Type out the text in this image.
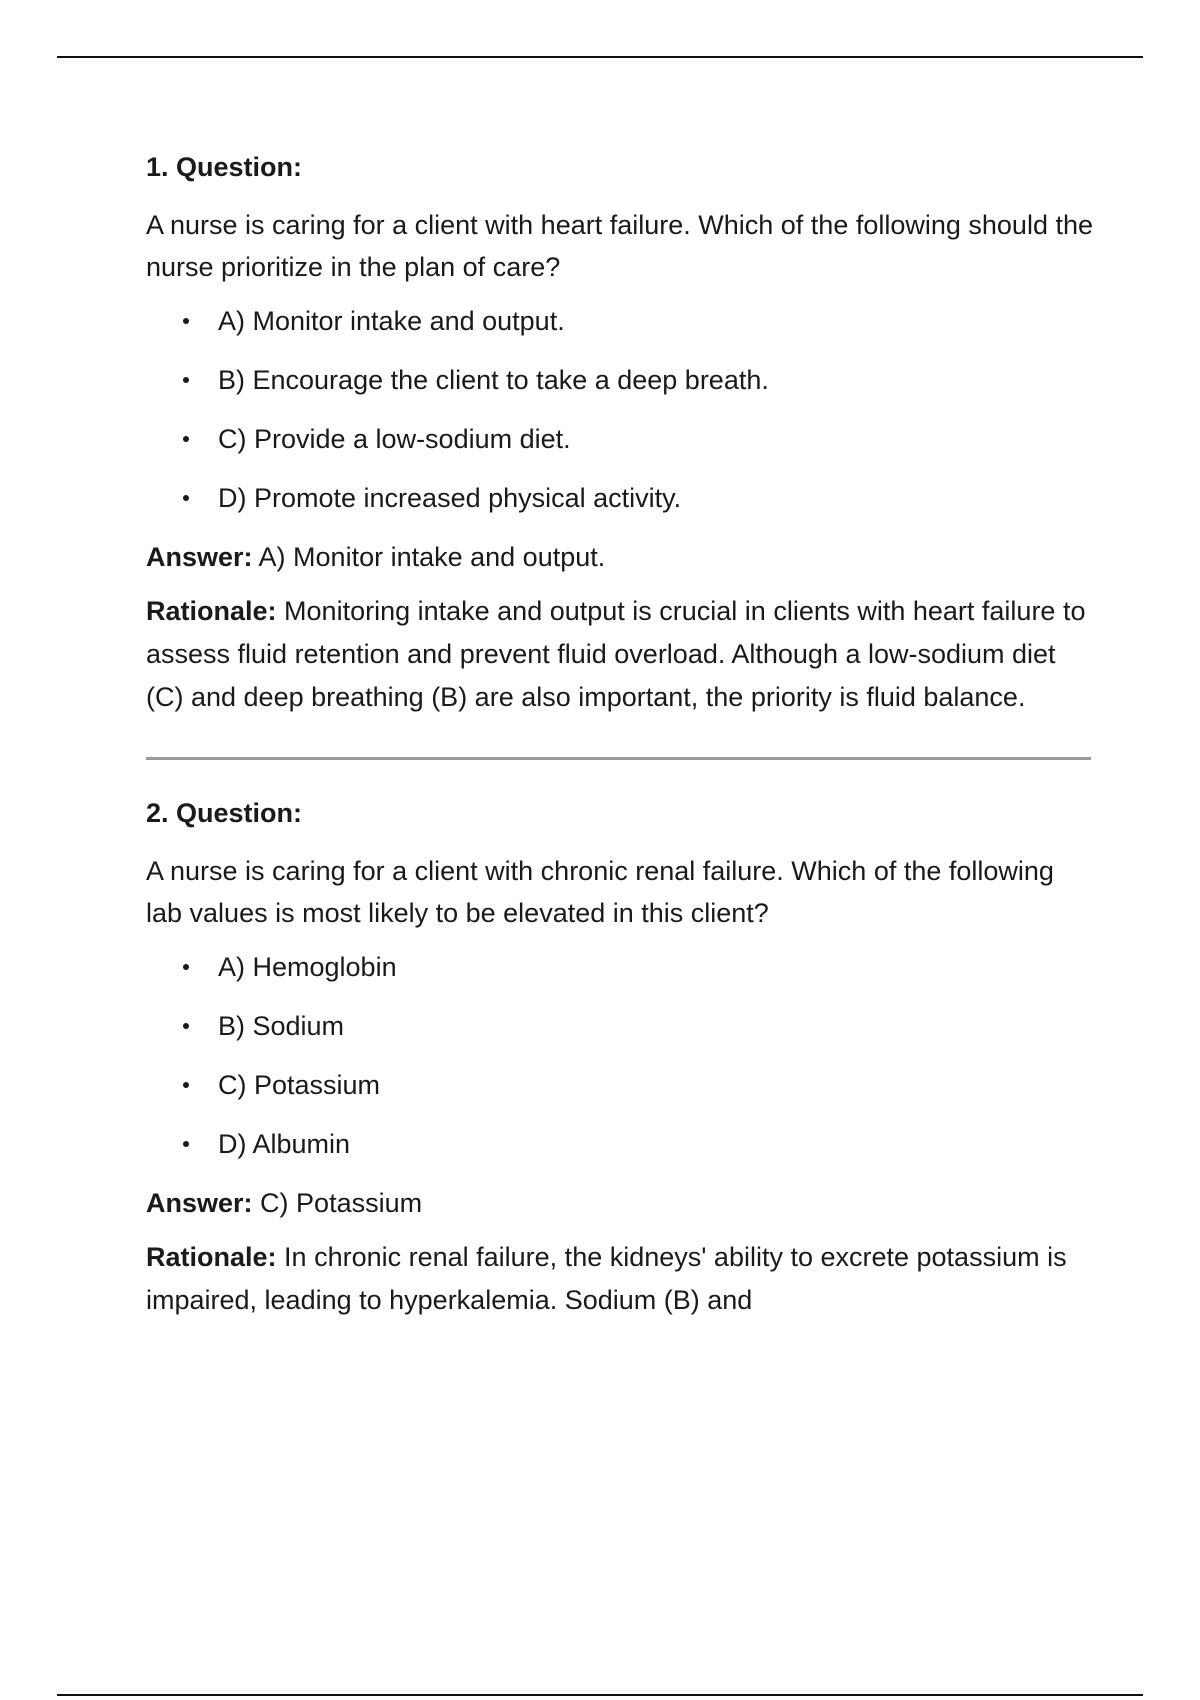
1. Question:

A nurse is caring for a client with heart failure. Which of the following should the nurse prioritize in the plan of care?

A) Monitor intake and output.
B) Encourage the client to take a deep breath.
C) Provide a low-sodium diet.
D) Promote increased physical activity.

Answer: A) Monitor intake and output.

Rationale: Monitoring intake and output is crucial in clients with heart failure to assess fluid retention and prevent fluid overload. Although a low-sodium diet (C) and deep breathing (B) are also important, the priority is fluid balance.

2. Question:

A nurse is caring for a client with chronic renal failure. Which of the following lab values is most likely to be elevated in this client?

A) Hemoglobin
B) Sodium
C) Potassium
D) Albumin

Answer: C) Potassium

Rationale: In chronic renal failure, the kidneys' ability to excrete potassium is impaired, leading to hyperkalemia. Sodium (B) and
